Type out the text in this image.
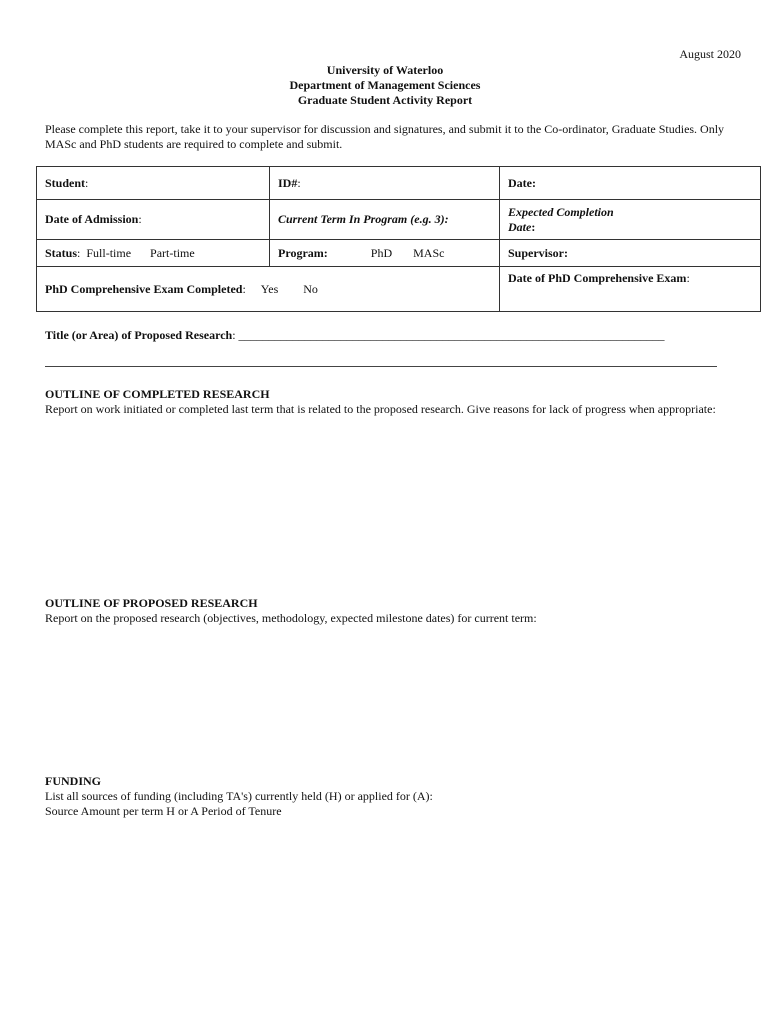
August 2020
University of Waterloo
Department of Management Sciences
Graduate Student Activity Report
Please complete this report, take it to your supervisor for discussion and signatures, and submit it to the Co-ordinator, Graduate Studies. Only MASc and PhD students are required to complete and submit.
Student:	ID#:	Date:
Date of Admission:	Current Term In Program (e.g. 3):	Expected Completion
Date:

Status: Full-time Part-time	Program: PhD MASc	Supervisor:
PhD Comprehensive Exam Completed: Yes No		Date of PhD Comprehensive Exam:
Title (or Area) of Proposed Research: _______________________________________________________________________
OUTLINE OF COMPLETED RESEARCH
Report on work initiated or completed last term that is related to the proposed research. Give reasons for lack of progress when appropriate:
OUTLINE OF PROPOSED RESEARCH
Report on the proposed research (objectives, methodology, expected milestone dates) for current term:
FUNDING
List all sources of funding (including TA's) currently held (H) or applied for (A):
Source Amount per term H or A Period of Tenure
